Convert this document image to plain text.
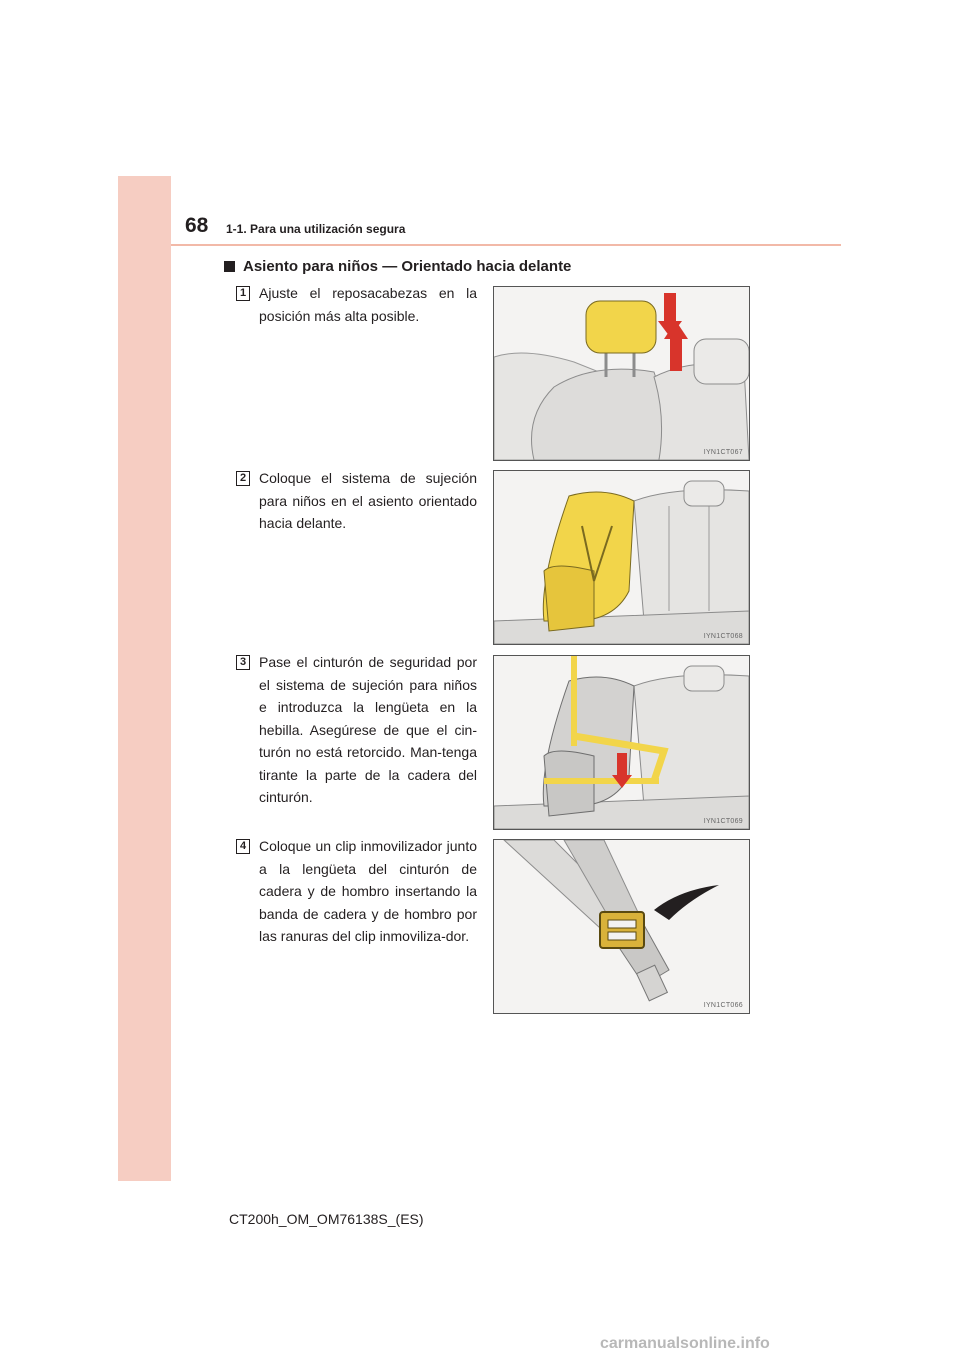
68 1-1. Para una utilización segura
Asiento para niños — Orientado hacia delante
1 Ajuste el reposacabezas en la posición más alta posible.
IYN1CT067
2 Coloque el sistema de sujeción para niños en el asiento orientado hacia delante.
IYN1CT068
3 Pase el cinturón de seguridad por el sistema de sujeción para niños e introduzca la lengüeta en la hebilla. Asegúrese de que el cin-turón no está retorcido. Man-tenga tirante la parte de la cadera del cinturón.
IYN1CT069
4 Coloque un clip inmovilizador junto a la lengüeta del cinturón de cadera y de hombro insertando la banda de cadera y de hombro por las ranuras del clip inmoviliza-dor.
IYN1CT066
CT200h_OM_OM76138S_(ES)
carmanualsonline.info
